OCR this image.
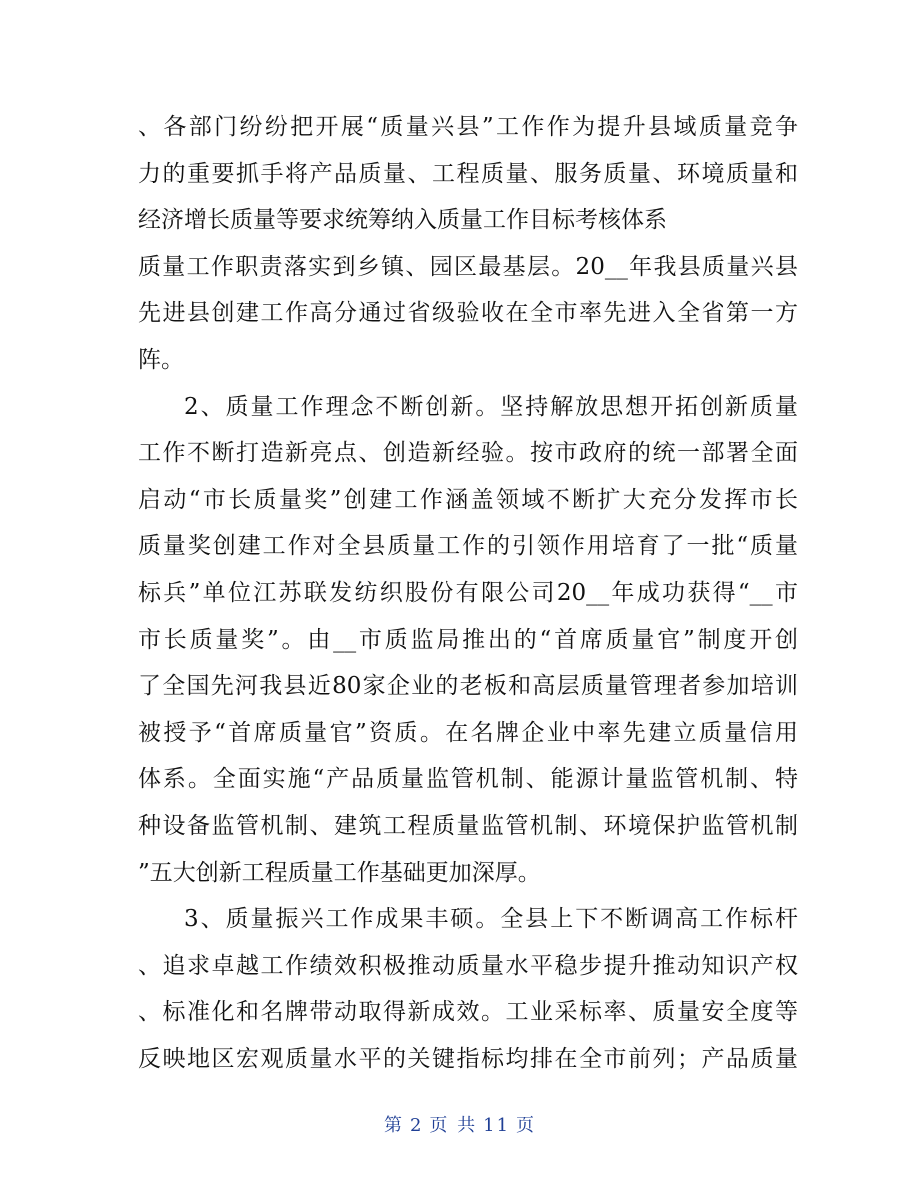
、各部门纷纷把开展“质量兴县”工作作为提升县域质量竞争
力的重要抓手将产品质量、工程质量、服务质量、环境质量和
经济增长质量等要求统筹纳入质量工作目标考核体系
质量工作职责落实到乡镇、园区最基层。20__年我县质量兴县
先进县创建工作高分通过省级验收在全市率先进入全省第一方
阵。
2、质量工作理念不断创新。坚持解放思想开拓创新质量
工作不断打造新亮点、创造新经验。按市政府的统一部署全面
启动“市长质量奖”创建工作涵盖领域不断扩大充分发挥市长
质量奖创建工作对全县质量工作的引领作用培育了一批“质量
标兵”单位江苏联发纺织股份有限公司20__年成功获得“__市
市长质量奖”。由__市质监局推出的“首席质量官”制度开创
了全国先河我县近80家企业的老板和高层质量管理者参加培训
被授予“首席质量官”资质。在名牌企业中率先建立质量信用
体系。全面实施“产品质量监管机制、能源计量监管机制、特
种设备监管机制、建筑工程质量监管机制、环境保护监管机制
”五大创新工程质量工作基础更加深厚。
3、质量振兴工作成果丰硕。全县上下不断调高工作标杆
、追求卓越工作绩效积极推动质量水平稳步提升推动知识产权
、标准化和名牌带动取得新成效。工业采标率、质量安全度等
反映地区宏观质量水平的关键指标均排在全市前列；产品质量
第 2 页 共 11 页
